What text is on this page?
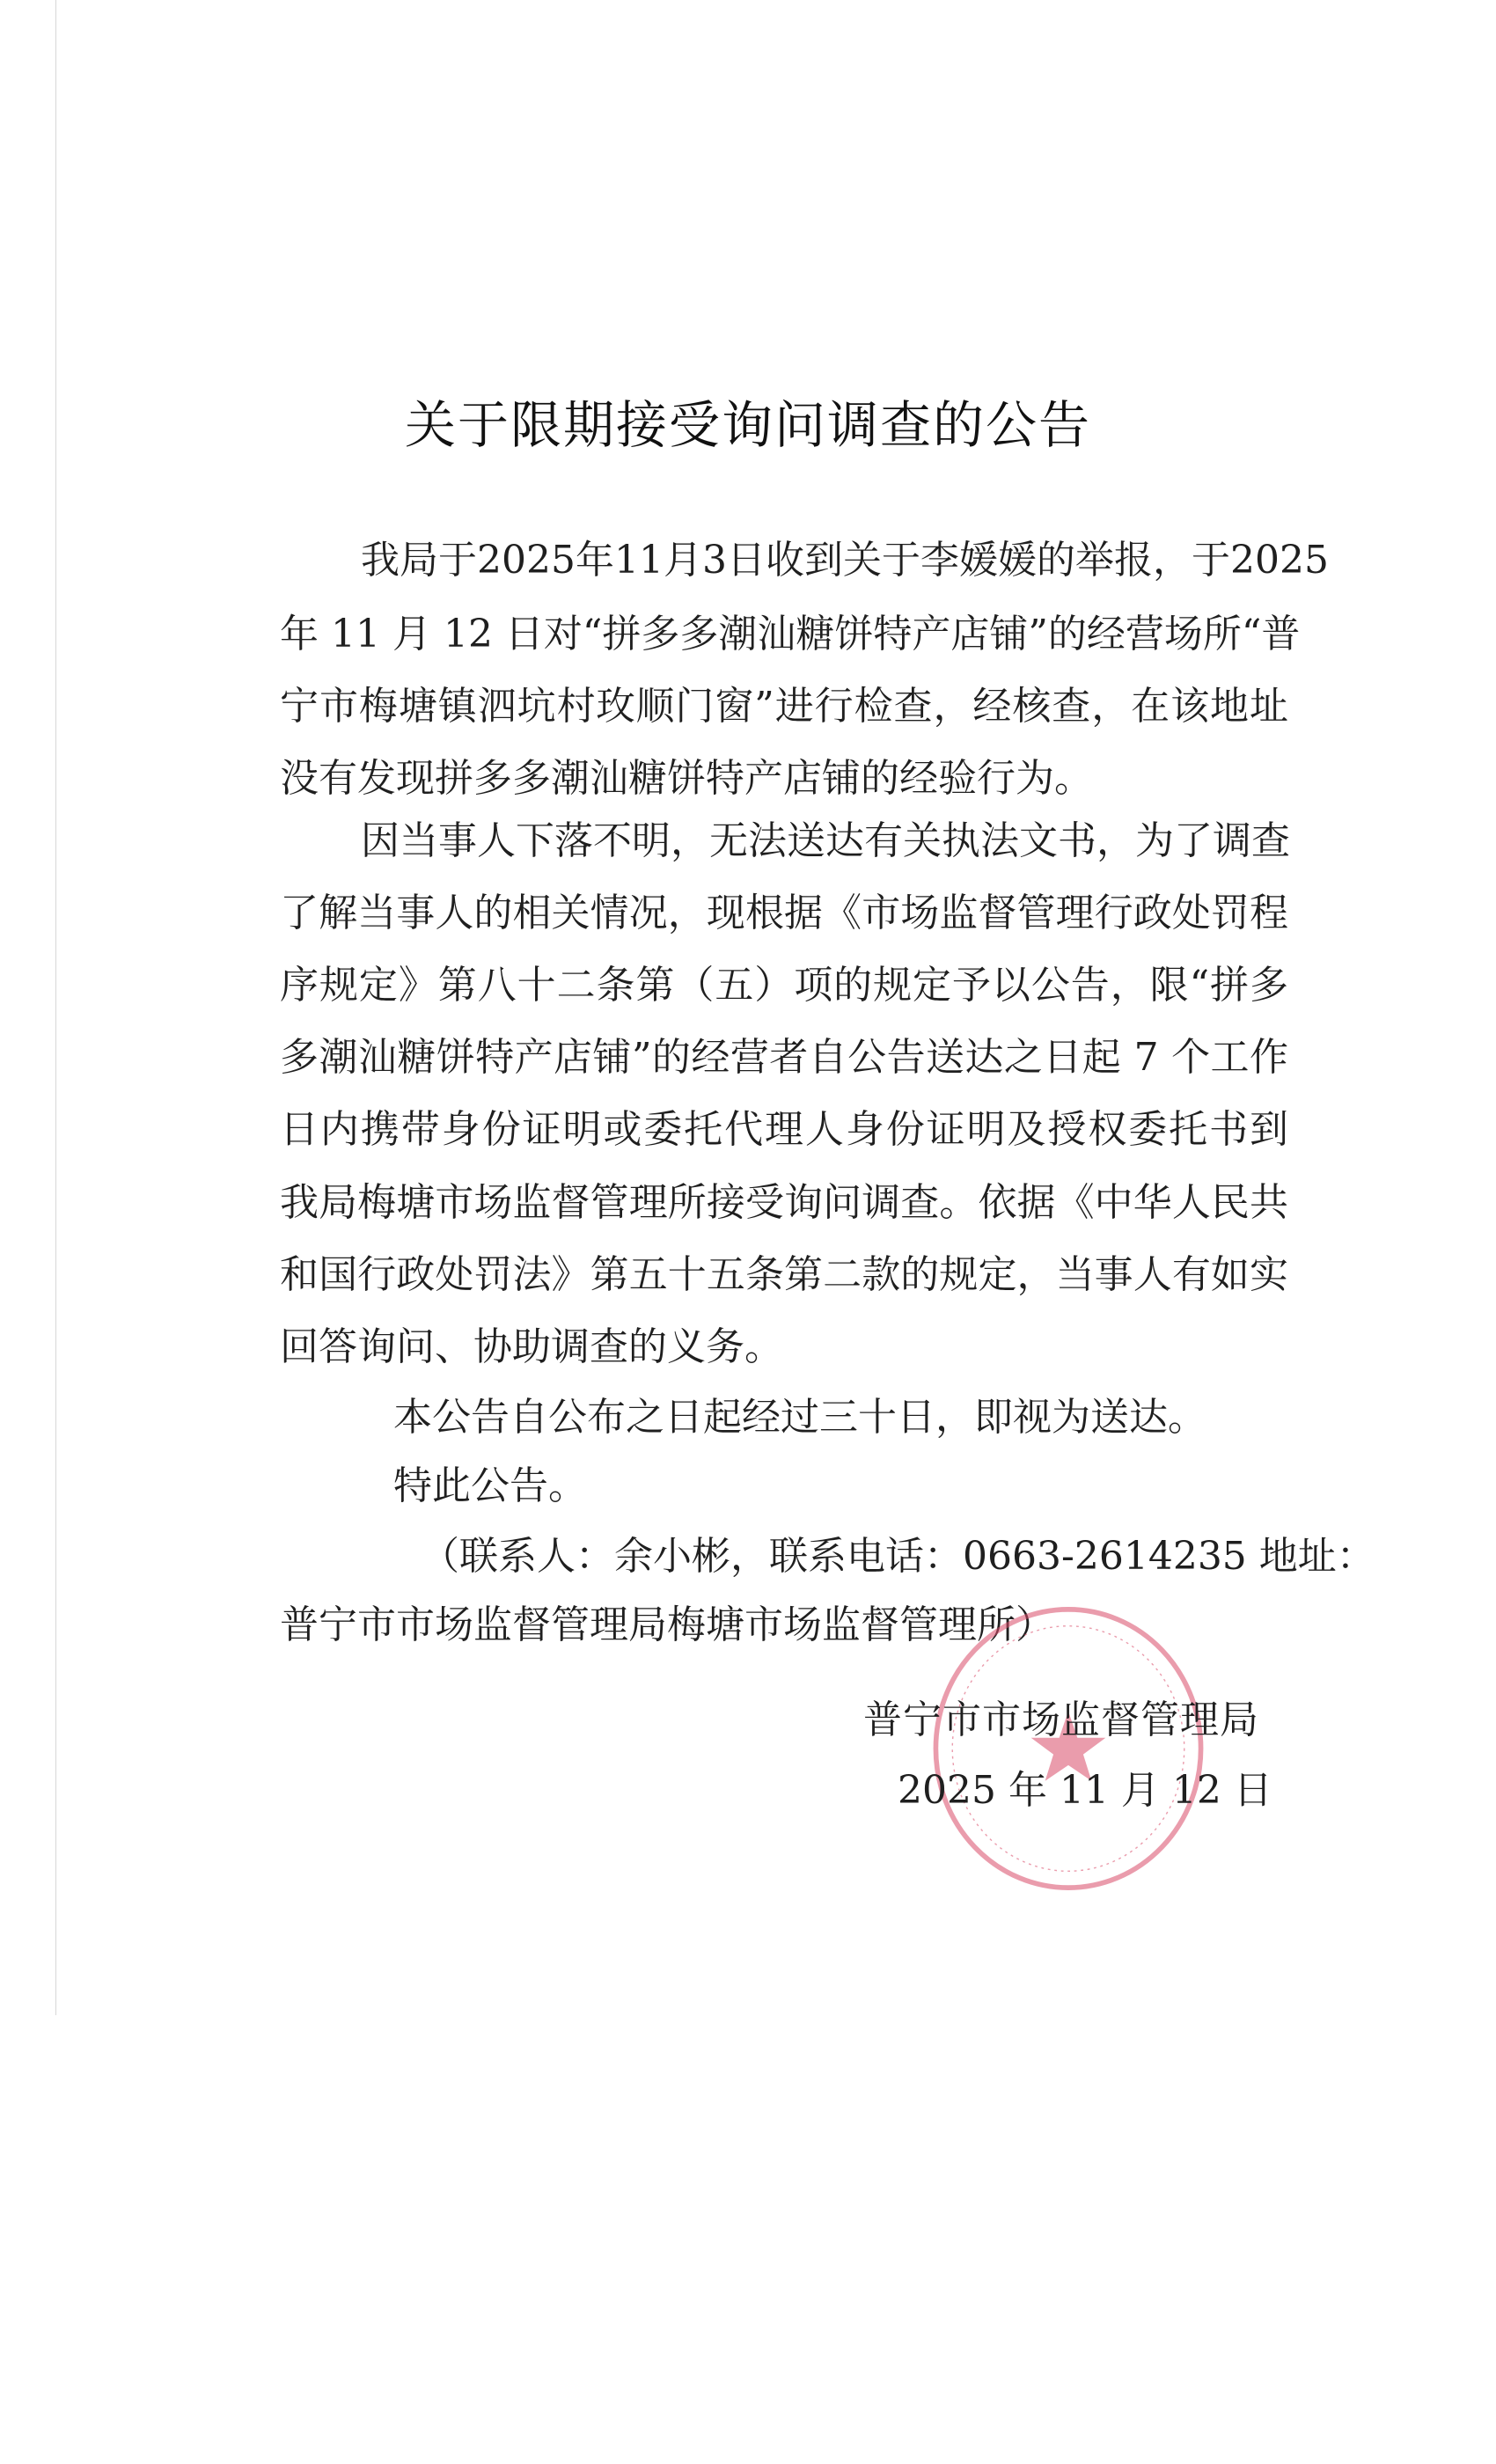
关于限期接受询问调查的公告
我局于2025年11月3日收到关于李媛媛的举报，于2025
年 11 月 12 日对“拼多多潮汕糖饼特产店铺”的经营场所“普
宁市梅塘镇泗坑村玫顺门窗”进行检查，经核查，在该地址
没有发现拼多多潮汕糖饼特产店铺的经验行为。
因当事人下落不明，无法送达有关执法文书，为了调查
了解当事人的相关情况，现根据《市场监督管理行政处罚程
序规定》第八十二条第（五）项的规定予以公告，限“拼多
多潮汕糖饼特产店铺”的经营者自公告送达之日起 7 个工作
日内携带身份证明或委托代理人身份证明及授权委托书到
我局梅塘市场监督管理所接受询问调查。依据《中华人民共
和国行政处罚法》第五十五条第二款的规定，当事人有如实
回答询问、协助调查的义务。
本公告自公布之日起经过三十日，即视为送达。
特此公告。
（联系人：余小彬，联系电话：0663-2614235 地址：
普宁市市场监督管理局梅塘市场监督管理所）
普宁市市场监督管理局
2025 年 11 月 12 日
